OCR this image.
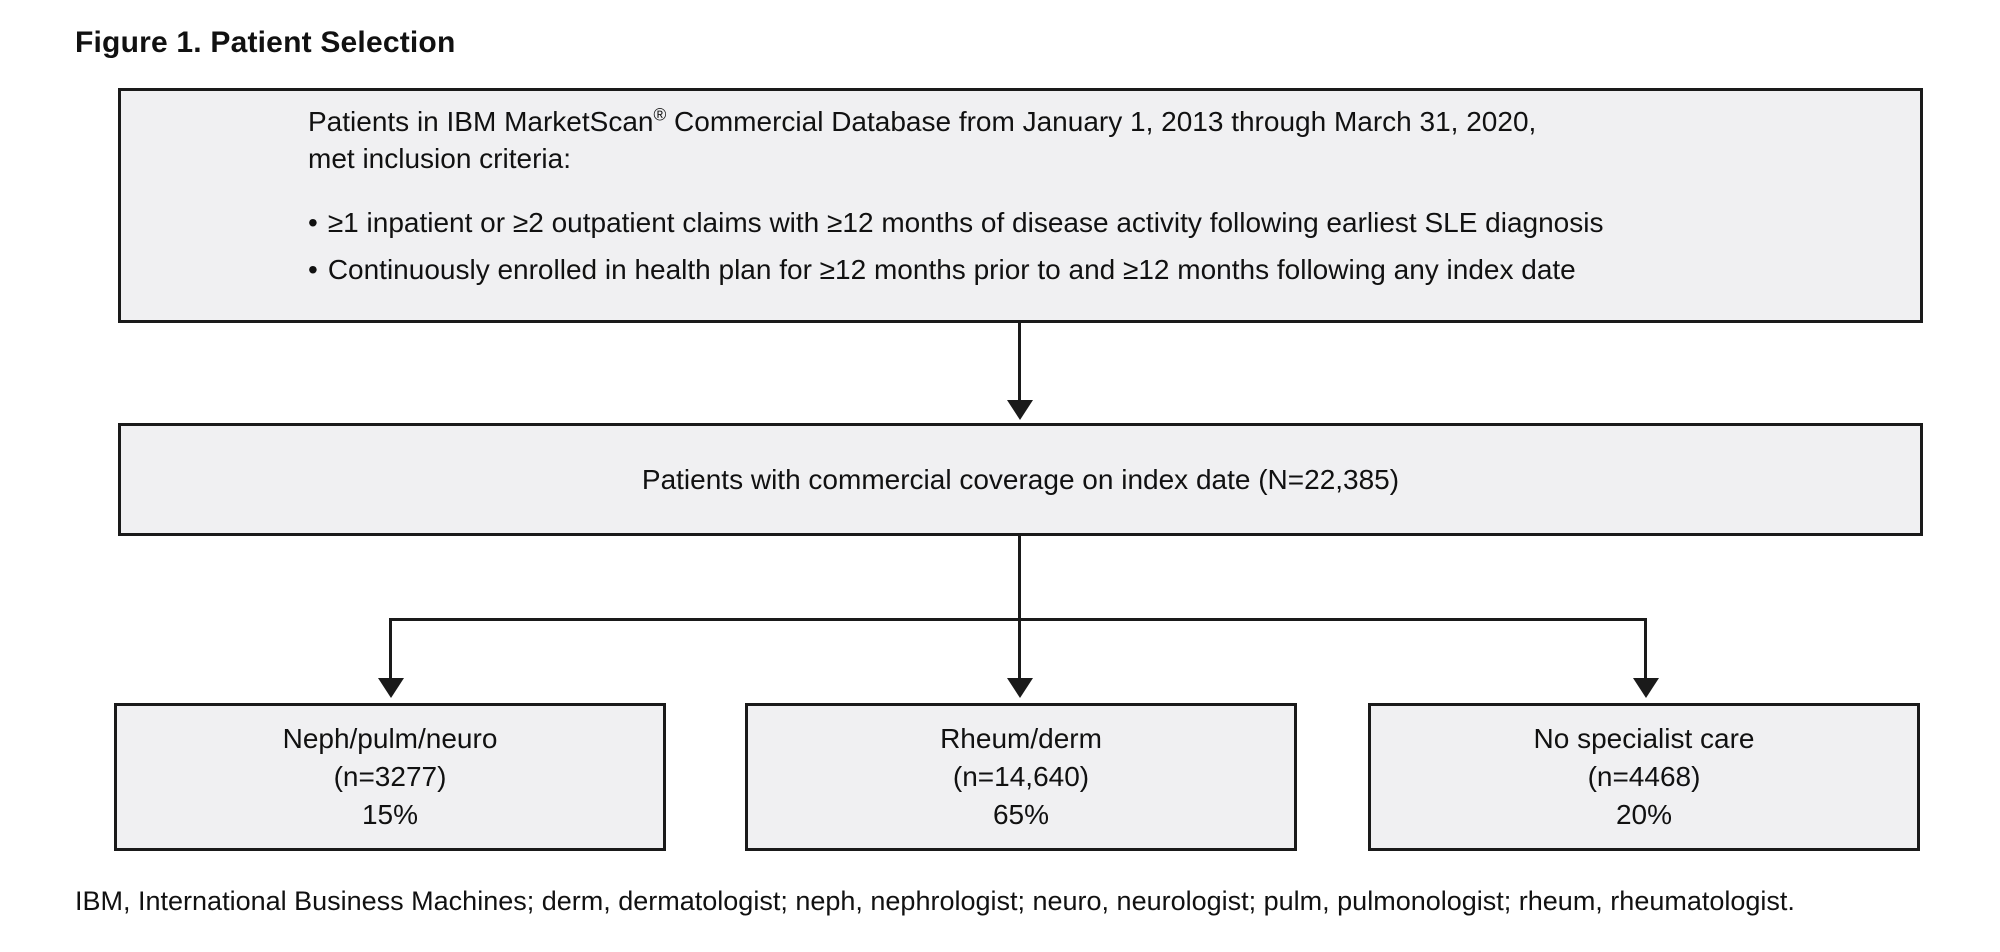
Figure 1. Patient Selection
Patients in IBM MarketScan® Commercial Database from January 1, 2013 through March 31, 2020,
met inclusion criteria:
• ≥1 inpatient or ≥2 outpatient claims with ≥12 months of disease activity following earliest SLE diagnosis
• Continuously enrolled in health plan for ≥12 months prior to and ≥12 months following any index date
Patients with commercial coverage on index date (N=22,385)
Neph/pulm/neuro
(n=3277)
15%
Rheum/derm
(n=14,640)
65%
No specialist care
(n=4468)
20%
IBM, International Business Machines; derm, dermatologist; neph, nephrologist; neuro, neurologist; pulm, pulmonologist; rheum, rheumatologist.
